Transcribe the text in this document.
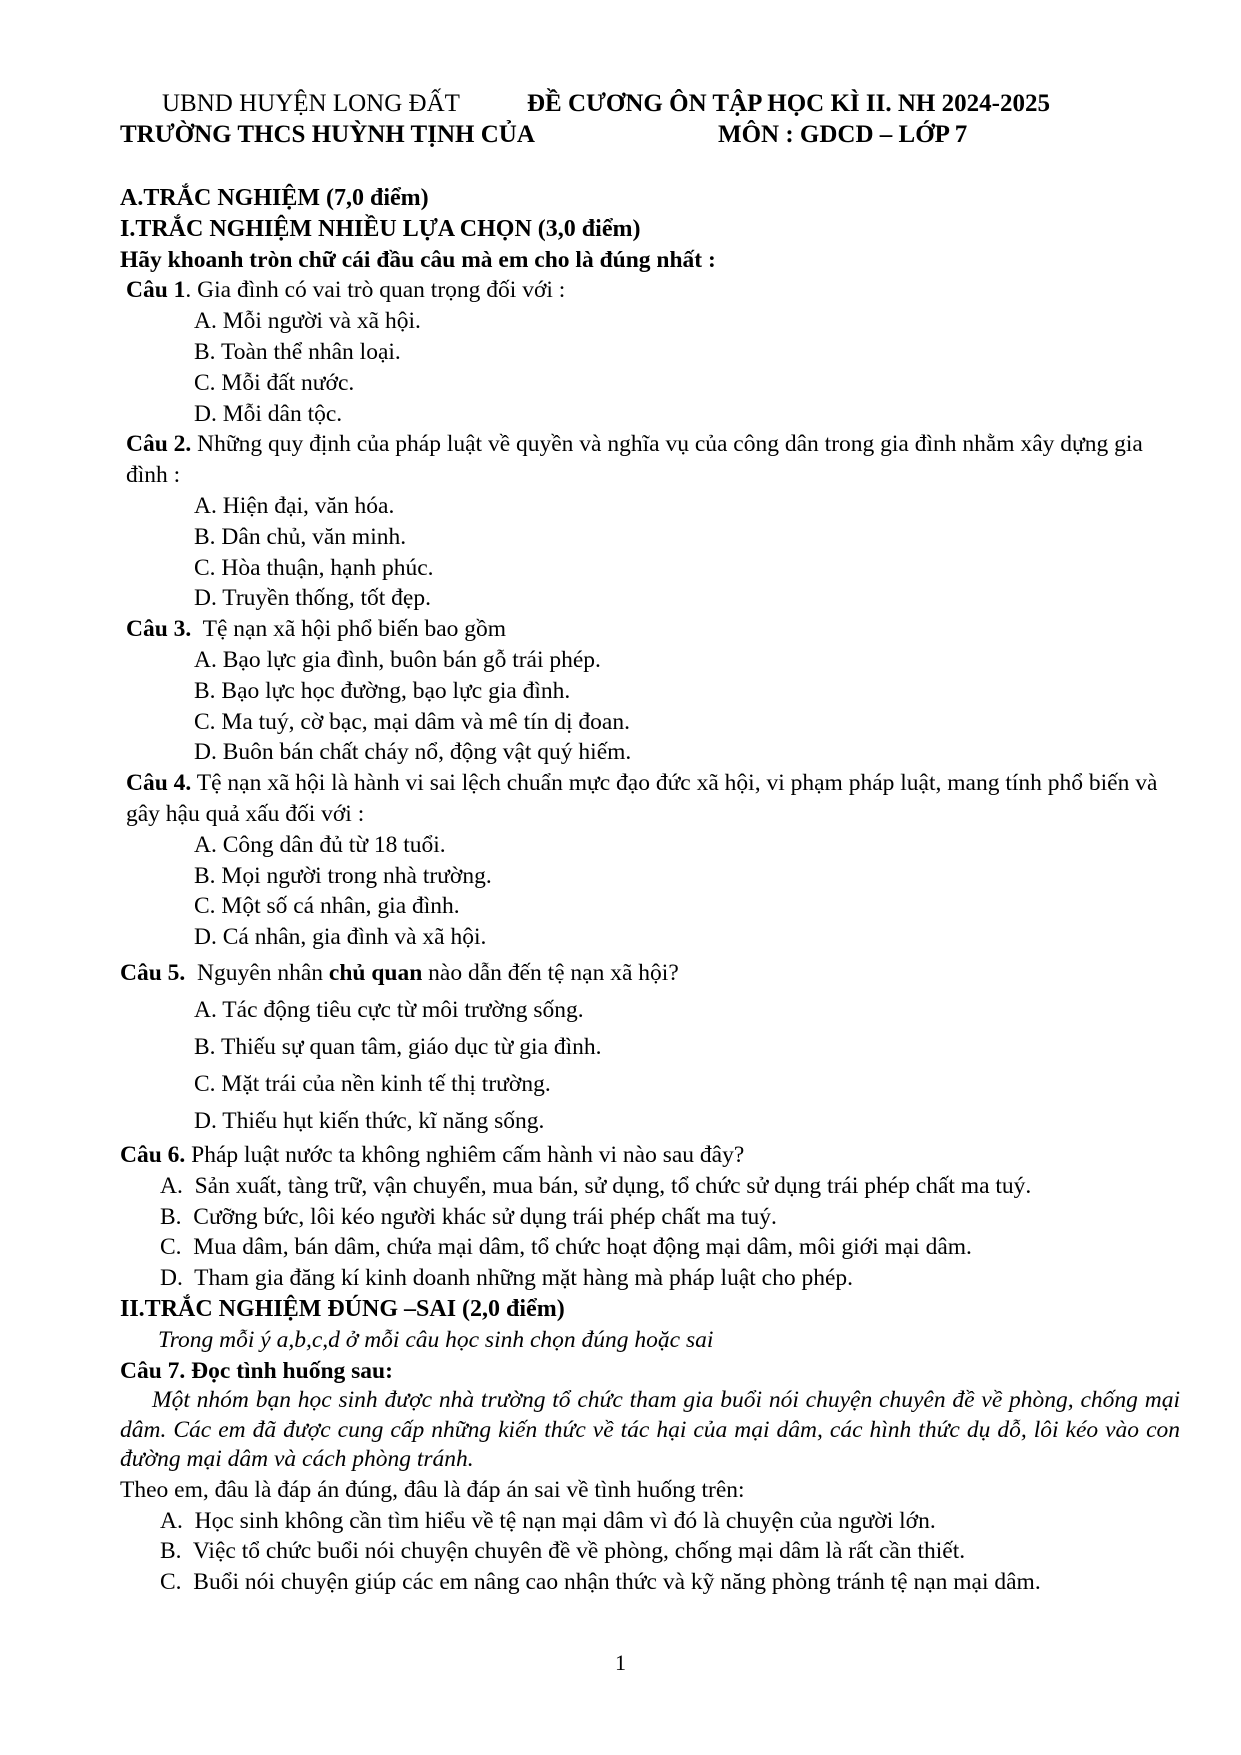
UBND HUYỆN LONG ĐẤT	ĐỀ CƯƠNG ÔN TẬP HỌC KÌ II. NH 2024-2025
TRƯỜNG THCS HUỲNH TỊNH CỦA	MÔN : GDCD – LỚP 7
A.TRẮC NGHIỆM (7,0 điểm)
I.TRẮC NGHIỆM NHIỀU LỰA CHỌN (3,0 điểm)
Hãy khoanh tròn chữ cái đầu câu mà em cho là đúng nhất :
Câu 1. Gia đình có vai trò quan trọng đối với :
A. Mỗi người và xã hội.
B. Toàn thể nhân loại.
C. Mỗi đất nước.
D. Mỗi dân tộc.
Câu 2. Những quy định của pháp luật về quyền và nghĩa vụ của công dân trong gia đình nhằm xây dựng gia đình :
A. Hiện đại, văn hóa.
B. Dân chủ, văn minh.
C. Hòa thuận, hạnh phúc.
D. Truyền thống, tốt đẹp.
Câu 3.  Tệ nạn xã hội phổ biến bao gồm
A. Bạo lực gia đình, buôn bán gỗ trái phép.
B. Bạo lực học đường, bạo lực gia đình.
C. Ma tuý, cờ bạc, mại dâm và mê tín dị đoan.
D. Buôn bán chất cháy nổ, động vật quý hiếm.
Câu 4. Tệ nạn xã hội là hành vi sai lệch chuẩn mực đạo đức xã hội, vi phạm pháp luật, mang tính phổ biến và gây hậu quả xấu đối với :
A. Công dân đủ từ 18 tuổi.
B. Mọi người trong nhà trường.
C. Một số cá nhân, gia đình.
D. Cá nhân, gia đình và xã hội.
Câu 5.  Nguyên nhân chủ quan nào dẫn đến tệ nạn xã hội?
A. Tác động tiêu cực từ môi trường sống.
B. Thiếu sự quan tâm, giáo dục từ gia đình.
C. Mặt trái của nền kinh tế thị trường.
D. Thiếu hụt kiến thức, kĩ năng sống.
Câu 6. Pháp luật nước ta không nghiêm cấm hành vi nào sau đây?
A.  Sản xuất, tàng trữ, vận chuyển, mua bán, sử dụng, tổ chức sử dụng trái phép chất ma tuý.
B.  Cưỡng bức, lôi kéo người khác sử dụng trái phép chất ma tuý.
C.  Mua dâm, bán dâm, chứa mại dâm, tổ chức hoạt động mại dâm, môi giới mại dâm.
D.  Tham gia đăng kí kinh doanh những mặt hàng mà pháp luật cho phép.
II.TRẮC NGHIỆM ĐÚNG –SAI (2,0 điểm)
Trong mỗi ý a,b,c,d ở mỗi câu học sinh chọn đúng hoặc sai
Câu 7. Đọc tình huống sau:
Một nhóm bạn học sinh được nhà trường tổ chức tham gia buổi nói chuyện chuyên đề về phòng, chống mại dâm. Các em đã được cung cấp những kiến thức về tác hại của mại dâm, các hình thức dụ dỗ, lôi kéo vào con đường mại dâm và cách phòng tránh.
Theo em, đâu là đáp án đúng, đâu là đáp án sai về tình huống trên:
A.  Học sinh không cần tìm hiểu về tệ nạn mại dâm vì đó là chuyện của người lớn.
B.  Việc tổ chức buổi nói chuyện chuyên đề về phòng, chống mại dâm là rất cần thiết.
C.  Buổi nói chuyện giúp các em nâng cao nhận thức và kỹ năng phòng tránh tệ nạn mại dâm.
1
